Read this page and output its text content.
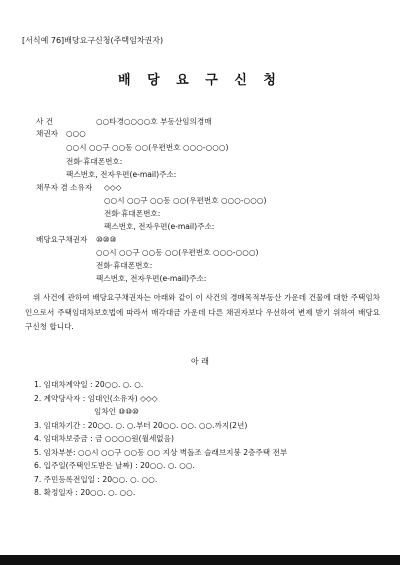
[서식예 76]배당요구신청(주택임차권자)
배 당 요 구 신 청
사 건	○○타경○○○○호 부동산임의경매
채권자 ○○○
○○시 ○○구 ○○동 ○○(우편번호 ○○○-○○○)
전화·휴대폰번호:
팩스번호, 전자우편(e-mail)주소:
채무자 겸 소유자 ◇◇◇
○○시 ○○구 ○○동 ○○(우편번호 ○○○-○○○)
전화·휴대폰번호:
팩스번호, 전자우편(e-mail)주소:
배당요구채권자 ⑩⑩⑩
○○시 ○○구 ○○동 ○○(우편번호 ○○○-○○○)
전화·휴대폰번호:
팩스번호, 전자우편(e-mail)주소:
위 사건에 관하여 배당요구채권자는 아래와 같이 이 사건의 경매목적부동산 가운데 건물에 대한 주택임차인으로서 주택임대차보호법에 따라서 매각대금 가운데 다른 채권자보다 우선하여 변제 받기 위하여 배당요구신청 합니다.
아 래
1. 임대차계약일 : 20○○. ○. ○.
2. 계약당사자 : 임대인(소유자) ◇◇◇
임차인 ⑩⑩⑩
3. 임대차기간 : 20○○. ○. ○.부터 20○○. ○○. ○○.까지(2년)
4. 임대차보증금 : 금 ○○○○원(월세없음)
5. 임차부분: ○○시 ○○구 ○○동 ○○ 지상 벽돌조 슬래브지붕 2층주택 전부
6. 입주일(주택인도받은 날짜) : 20○○. ○. ○○.
7. 주민등록전입일 : 20○○. ○. ○○.
8. 확정일자 : 20○○. ○. ○○.
